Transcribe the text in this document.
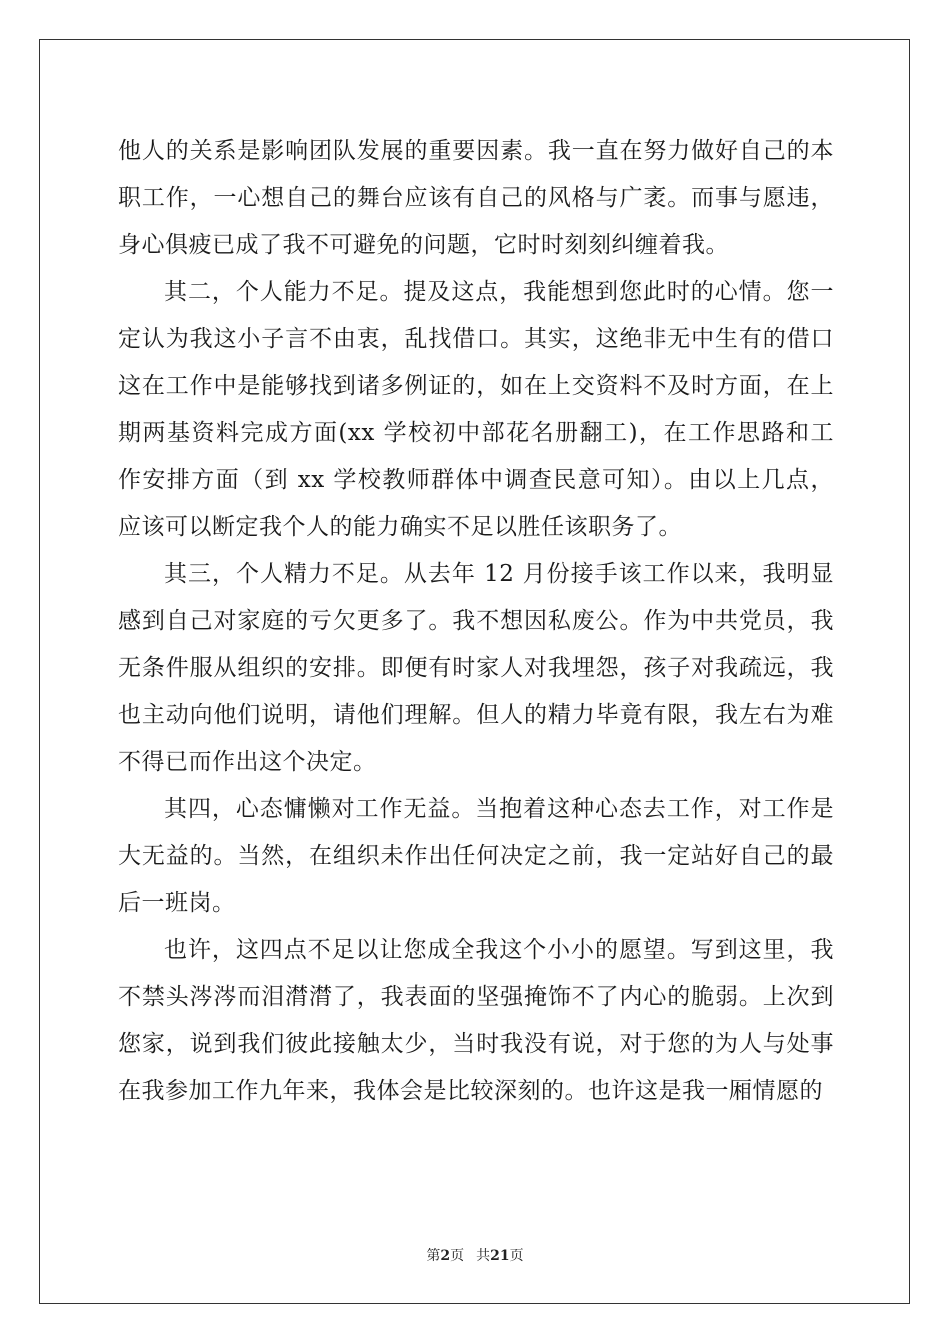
他人的关系是影响团队发展的重要因素。我一直在努力做好自己的本
职工作，一心想自己的舞台应该有自己的风格与广袤。而事与愿违，
身心俱疲已成了我不可避免的问题，它时时刻刻纠缠着我。
其二，个人能力不足。提及这点，我能想到您此时的心情。您一
定认为我这小子言不由衷，乱找借口。其实，这绝非无中生有的借口
这在工作中是能够找到诸多例证的，如在上交资料不及时方面，在上
期两基资料完成方面(xx 学校初中部花名册翻工)，在工作思路和工
作安排方面（到 xx 学校教师群体中调查民意可知）。由以上几点，
应该可以断定我个人的能力确实不足以胜任该职务了。
其三，个人精力不足。从去年 12 月份接手该工作以来，我明显
感到自己对家庭的亏欠更多了。我不想因私废公。作为中共党员，我
无条件服从组织的安排。即便有时家人对我埋怨，孩子对我疏远，我
也主动向他们说明，请他们理解。但人的精力毕竟有限，我左右为难
不得已而作出这个决定。
其四，心态慵懒对工作无益。当抱着这种心态去工作，对工作是
大无益的。当然，在组织未作出任何决定之前，我一定站好自己的最
后一班岗。
也许，这四点不足以让您成全我这个小小的愿望。写到这里，我
不禁头涔涔而泪潸潸了，我表面的坚强掩饰不了内心的脆弱。上次到
您家，说到我们彼此接触太少，当时我没有说，对于您的为人与处事
在我参加工作九年来，我体会是比较深刻的。也许这是我一厢情愿的
第2页 共21页
